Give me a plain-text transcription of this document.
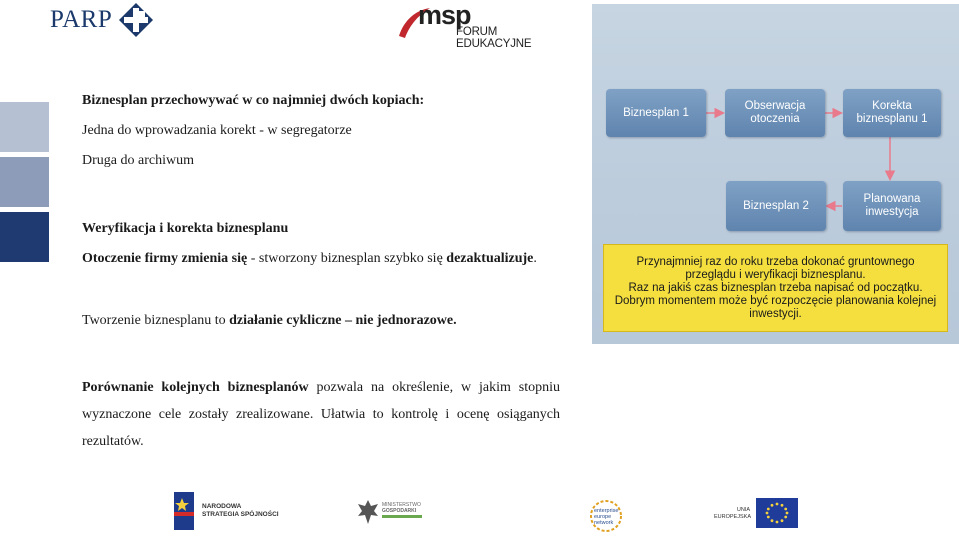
PARP	msp
FORUM EDUKACYJNE
Biznesplan przechowywać w co najmniej dwóch kopiach:
Jedna do wprowadzania korekt - w segregatorze
Druga do archiwum
Weryfikacja i korekta biznesplanu
Otoczenie firmy zmienia się - stworzony biznesplan szybko się dezaktualizuje.
Tworzenie biznesplanu to działanie cykliczne – nie jednorazowe.
Porównanie kolejnych biznesplanów pozwala na określenie, w jakim stopniu wyznaczone cele zostały zrealizowane. Ułatwia to kontrolę i ocenę osiąganych rezultatów.
Biznesplan 1
Obserwacja otoczenia
Korekta biznesplanu 1
Planowana inwestycja
Biznesplan 2
Przynajmniej raz do roku trzeba dokonać gruntownego
przeglądu i weryfikacji biznesplanu.
Raz na jakiś czas biznesplan trzeba napisać od początku.
Dobrym momentem może być rozpoczęcie planowania kolejnej
inwestycji.
NARODOWA
STRATEGIA SPÓJNOŚCI
MINISTERSTWO
GOSPODARKI	enterprise
europe
network
UNIA
EUROPEJSKA
